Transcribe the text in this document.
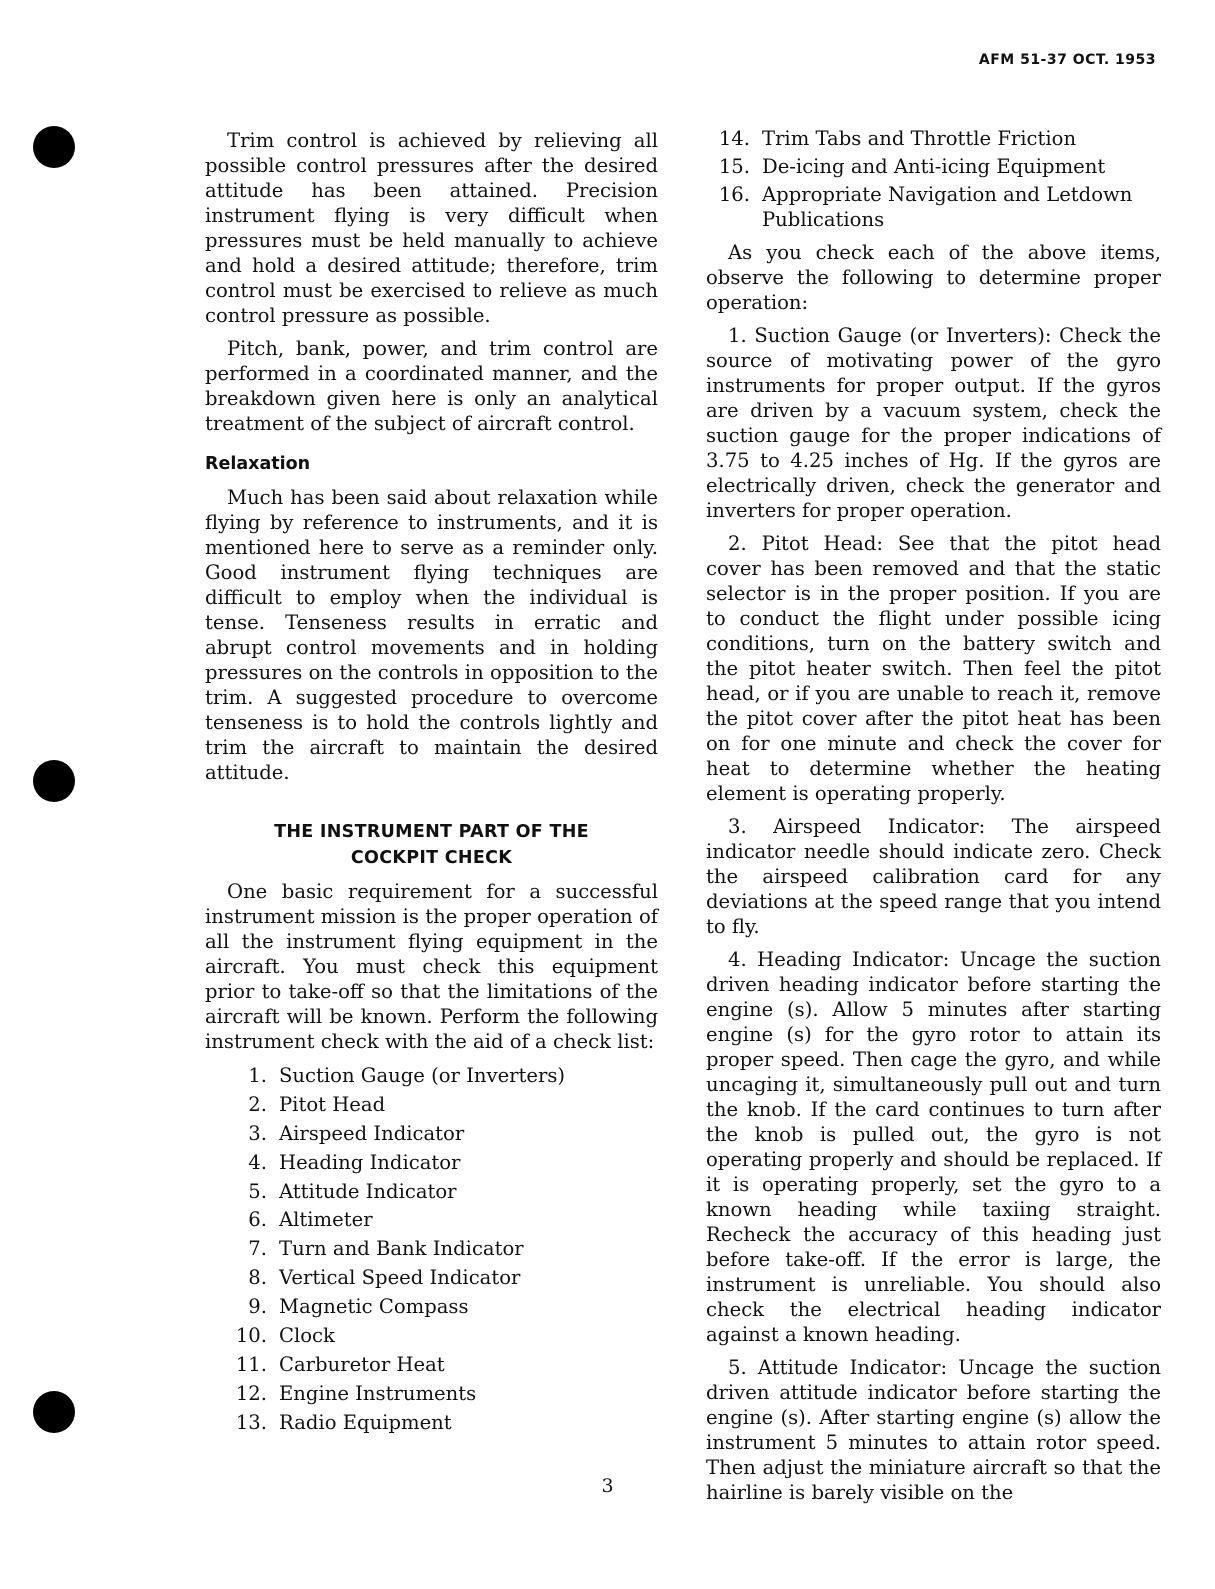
AFM 51-37 OCT. 1953

Trim control is achieved by relieving all possible control pressures after the desired attitude has been attained. Precision instrument flying is very difficult when pressures must be held manually to achieve and hold a desired attitude; therefore, trim control must be exercised to relieve as much control pressure as possible.

Pitch, bank, power, and trim control are performed in a coordinated manner, and the breakdown given here is only an analytical treatment of the subject of aircraft control.

Relaxation

Much has been said about relaxation while flying by reference to instruments, and it is mentioned here to serve as a reminder only. Good instrument flying techniques are difficult to employ when the individual is tense. Tenseness results in erratic and abrupt control movements and in holding pressures on the controls in opposition to the trim. A suggested procedure to overcome tenseness is to hold the controls lightly and trim the aircraft to maintain the desired attitude.

THE INSTRUMENT PART OF THE
COCKPIT CHECK

One basic requirement for a successful instrument mission is the proper operation of all the instrument flying equipment in the aircraft. You must check this equipment prior to take-off so that the limitations of the aircraft will be known. Perform the following instrument check with the aid of a check list:

1. Suction Gauge (or Inverters)
2. Pitot Head
3. Airspeed Indicator
4. Heading Indicator
5. Attitude Indicator
6. Altimeter
7. Turn and Bank Indicator
8. Vertical Speed Indicator
9. Magnetic Compass
10. Clock
11. Carburetor Heat
12. Engine Instruments
13. Radio Equipment
14. Trim Tabs and Throttle Friction
15. De-icing and Anti-icing Equipment
16. Appropriate Navigation and Letdown Publications

As you check each of the above items, observe the following to determine proper operation:

1. Suction Gauge (or Inverters): Check the source of motivating power of the gyro instruments for proper output. If the gyros are driven by a vacuum system, check the suction gauge for the proper indications of 3.75 to 4.25 inches of Hg. If the gyros are electrically driven, check the generator and inverters for proper operation.

2. Pitot Head: See that the pitot head cover has been removed and that the static selector is in the proper position. If you are to conduct the flight under possible icing conditions, turn on the battery switch and the pitot heater switch. Then feel the pitot head, or if you are unable to reach it, remove the pitot cover after the pitot heat has been on for one minute and check the cover for heat to determine whether the heating element is operating properly.

3. Airspeed Indicator: The airspeed indicator needle should indicate zero. Check the airspeed calibration card for any deviations at the speed range that you intend to fly.

4. Heading Indicator: Uncage the suction driven heading indicator before starting the engine (s). Allow 5 minutes after starting engine (s) for the gyro rotor to attain its proper speed. Then cage the gyro, and while uncaging it, simultaneously pull out and turn the knob. If the card continues to turn after the knob is pulled out, the gyro is not operating properly and should be replaced. If it is operating properly, set the gyro to a known heading while taxiing straight. Recheck the accuracy of this heading just before take-off. If the error is large, the instrument is unreliable. You should also check the electrical heading indicator against a known heading.

5. Attitude Indicator: Uncage the suction driven attitude indicator before starting the engine (s). After starting engine (s) allow the instrument 5 minutes to attain rotor speed. Then adjust the miniature aircraft so that the hairline is barely visible on the

3
